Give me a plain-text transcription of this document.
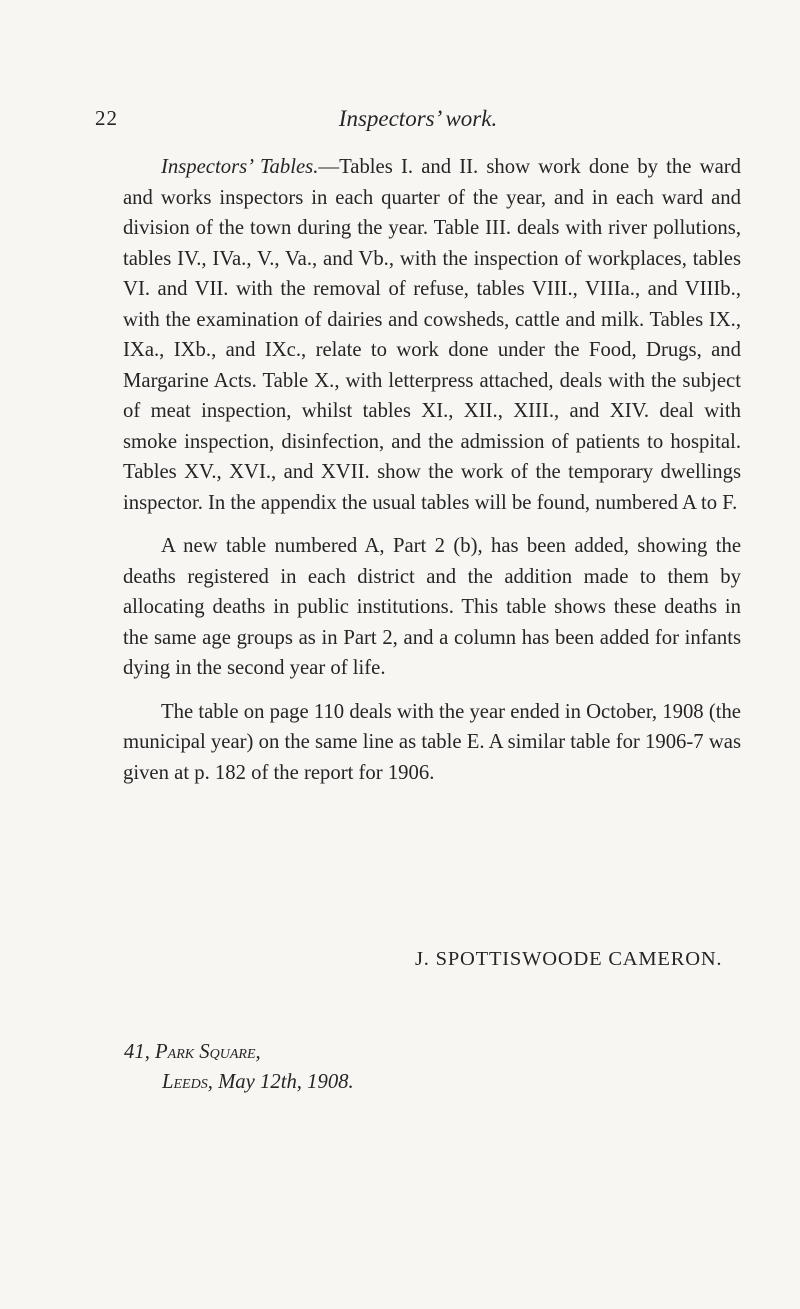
22	Inspectors’ work.

Inspectors’ Tables.—Tables I. and II. show work done by the ward and works inspectors in each quarter of the year, and in each ward and division of the town during the year. Table III. deals with river pollutions, tables IV., IVa., V., Va., and Vb., with the inspection of workplaces, tables VI. and VII. with the removal of refuse, tables VIII., VIIIa., and VIIIb., with the examination of dairies and cowsheds, cattle and milk. Tables IX., IXa., IXb., and IXc., relate to work done under the Food, Drugs, and Margarine Acts. Table X., with letterpress attached, deals with the subject of meat inspection, whilst tables XI., XII., XIII., and XIV. deal with smoke inspection, disinfection, and the admission of patients to hospital. Tables XV., XVI., and XVII. show the work of the temporary dwellings inspector. In the appendix the usual tables will be found, numbered A to F.

A new table numbered A, Part 2 (b), has been added, showing the deaths registered in each district and the addition made to them by allocating deaths in public institutions. This table shows these deaths in the same age groups as in Part 2, and a column has been added for infants dying in the second year of life.

The table on page 110 deals with the year ended in October, 1908 (the municipal year) on the same line as table E. A similar table for 1906-7 was given at p. 182 of the report for 1906.

J. SPOTTISWOODE CAMERON.
41, Park Square,
Leeds, May 12th, 1908.
